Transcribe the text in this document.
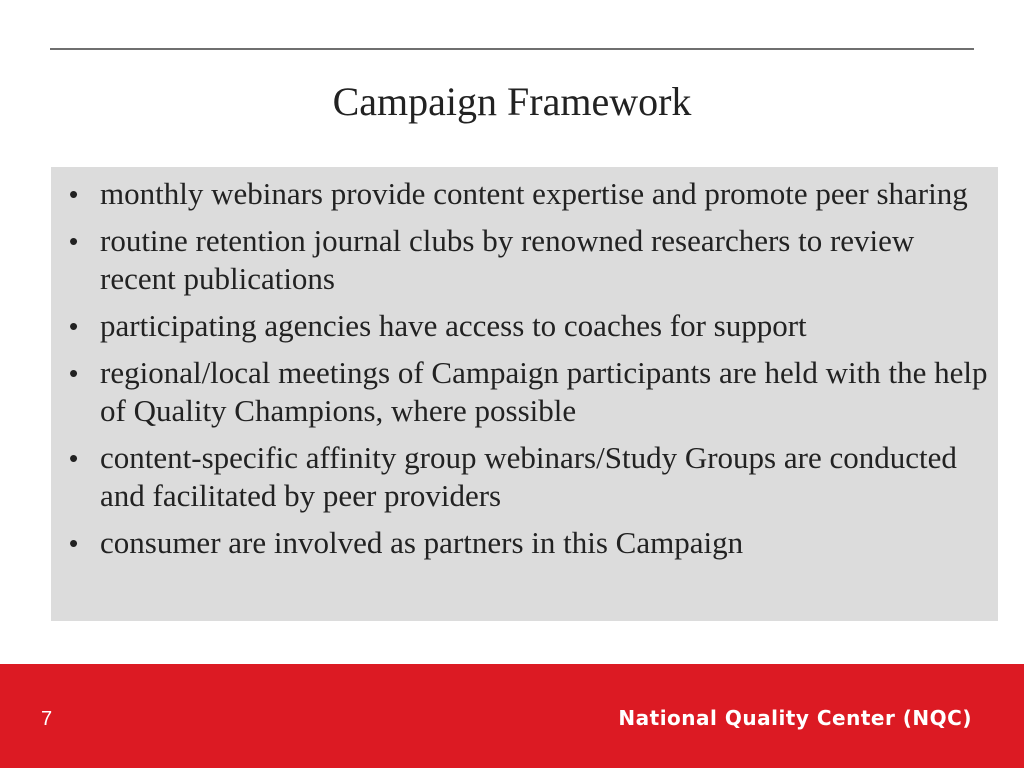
Campaign Framework
• monthly webinars provide content expertise and promote peer sharing
• routine retention journal clubs by renowned researchers to review recent publications
• participating agencies have access to coaches for support
• regional/local meetings of Campaign participants are held with the help of Quality Champions, where possible
• content-specific affinity group webinars/Study Groups are conducted and facilitated by peer providers
• consumer are involved as partners in this Campaign
7	National Quality Center (NQC)
